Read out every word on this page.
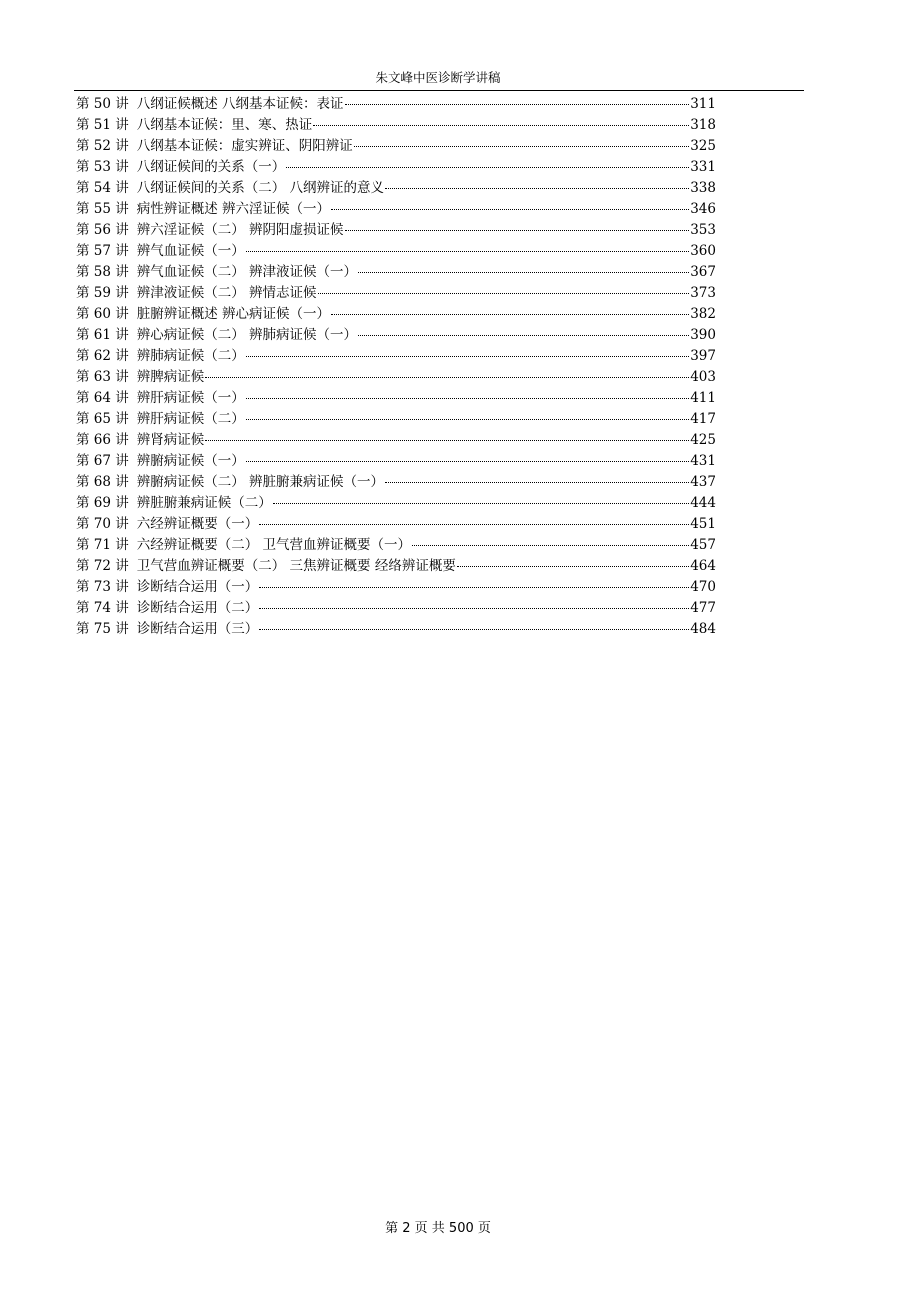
朱文峰中医诊断学讲稿
第 50 讲 八纲证候概述 八纲基本证候：表证	311
第 51 讲 八纲基本证候：里、寒、热证	318
第 52 讲 八纲基本证候：虚实辨证、阴阳辨证	325
第 53 讲 八纲证候间的关系（一）	331
第 54 讲 八纲证候间的关系（二） 八纲辨证的意义	338
第 55 讲 病性辨证概述 辨六淫证候（一）	346
第 56 讲 辨六淫证候（二） 辨阴阳虚损证候	353
第 57 讲 辨气血证候（一）	360
第 58 讲 辨气血证候（二） 辨津液证候（一）	367
第 59 讲 辨津液证候（二） 辨情志证候	373
第 60 讲 脏腑辨证概述 辨心病证候（一）	382
第 61 讲 辨心病证候（二） 辨肺病证候（一）	390
第 62 讲 辨肺病证候（二）	397
第 63 讲 辨脾病证候	403
第 64 讲 辨肝病证候（一）	411
第 65 讲 辨肝病证候（二）	417
第 66 讲 辨肾病证候	425
第 67 讲 辨腑病证候（一）	431
第 68 讲 辨腑病证候（二） 辨脏腑兼病证候（一）	437
第 69 讲 辨脏腑兼病证候（二）	444
第 70 讲 六经辨证概要（一）	451
第 71 讲 六经辨证概要（二） 卫气营血辨证概要（一）	457
第 72 讲 卫气营血辨证概要（二） 三焦辨证概要 经络辨证概要	464
第 73 讲 诊断结合运用（一）	470
第 74 讲 诊断结合运用（二）	477
第 75 讲 诊断结合运用（三）	484
第 2 页 共 500 页
